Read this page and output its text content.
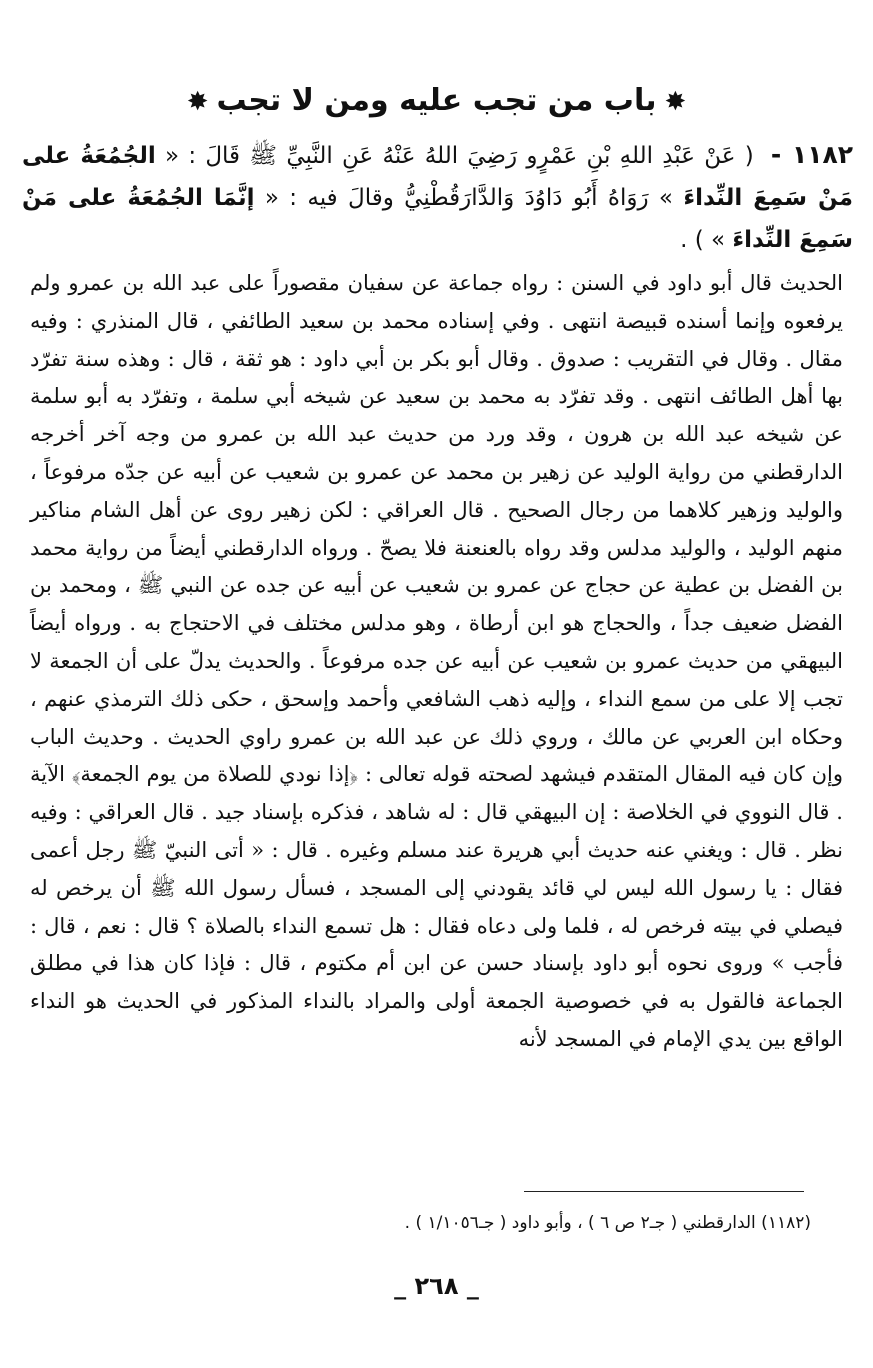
✸باب من تجب عليه ومن لا تجب✸
١١٨٢ - ( عَنْ عَبْدِ اللهِ بْنِ عَمْرٍو رَضِيَ اللهُ عَنْهُ عَنِ النَّبِيِّ ﷺ قَالَ : « الجُمُعَةُ على مَنْ سَمِعَ النِّداءَ » رَوَاهُ أَبُو دَاوُدَ وَالدَّارَقُطْنِيُّ وقالَ فيه : « إنَّمَا الجُمُعَةُ على مَنْ سَمِعَ النِّداءَ » ) .
الحديث قال أبو داود في السنن : رواه جماعة عن سفيان مقصوراً على عبد الله بن عمرو ولم يرفعوه وإنما أسنده قبيصة انتهى . وفي إسناده محمد بن سعيد الطائفي ، قال المنذري : وفيه مقال . وقال في التقريب : صدوق . وقال أبو بكر بن أبي داود : هو ثقة ، قال : وهذه سنة تفرّد بها أهل الطائف انتهى . وقد تفرّد به محمد بن سعيد عن شيخه أبي سلمة ، وتفرّد به أبو سلمة عن شيخه عبد الله بن هرون ، وقد ورد من حديث عبد الله بن عمرو من وجه آخر أخرجه الدارقطني من رواية الوليد عن زهير بن محمد عن عمرو بن شعيب عن أبيه عن جدّه مرفوعاً ، والوليد وزهير كلاهما من رجال الصحيح . قال العراقي : لكن زهير روى عن أهل الشام مناكير منهم الوليد ، والوليد مدلس وقد رواه بالعنعنة فلا يصحّ . ورواه الدارقطني أيضاً من رواية محمد بن الفضل بن عطية عن حجاج عن عمرو بن شعيب عن أبيه عن جده عن النبي ﷺ ، ومحمد بن الفضل ضعيف جداً ، والحجاج هو ابن أرطاة ، وهو مدلس مختلف في الاحتجاج به . ورواه أيضاً البيهقي من حديث عمرو بن شعيب عن أبيه عن جده مرفوعاً . والحديث يدلّ على أن الجمعة لا تجب إلا على من سمع النداء ، وإليه ذهب الشافعي وأحمد وإسحق ، حكى ذلك الترمذي عنهم ، وحكاه ابن العربي عن مالك ، وروي ذلك عن عبد الله بن عمرو راوي الحديث . وحديث الباب وإن كان فيه المقال المتقدم فيشهد لصحته قوله تعالى : ﴿إذا نودي للصلاة من يوم الجمعة﴾ الآية . قال النووي في الخلاصة : إن البيهقي قال : له شاهد ، فذكره بإسناد جيد . قال العراقي : وفيه نظر . قال : ويغني عنه حديث أبي هريرة عند مسلم وغيره . قال : « أتى النبيّ ﷺ رجل أعمى فقال : يا رسول الله ليس لي قائد يقودني إلى المسجد ، فسأل رسول الله ﷺ أن يرخص له فيصلي في بيته فرخص له ، فلما ولى دعاه فقال : هل تسمع النداء بالصلاة ؟ قال : نعم ، قال : فأجب » وروى نحوه أبو داود بإسناد حسن عن ابن أم مكتوم ، قال : فإذا كان هذا في مطلق الجماعة فالقول به في خصوصية الجمعة أولى والمراد بالنداء المذكور في الحديث هو النداء الواقع بين يدي الإمام في المسجد لأنه
(١١٨٢) الدارقطني ( جـ٢ ص ٦ ) ، وأبو داود ( جـ١/١٠٥٦ ) .
_ ٢٦٨ _
